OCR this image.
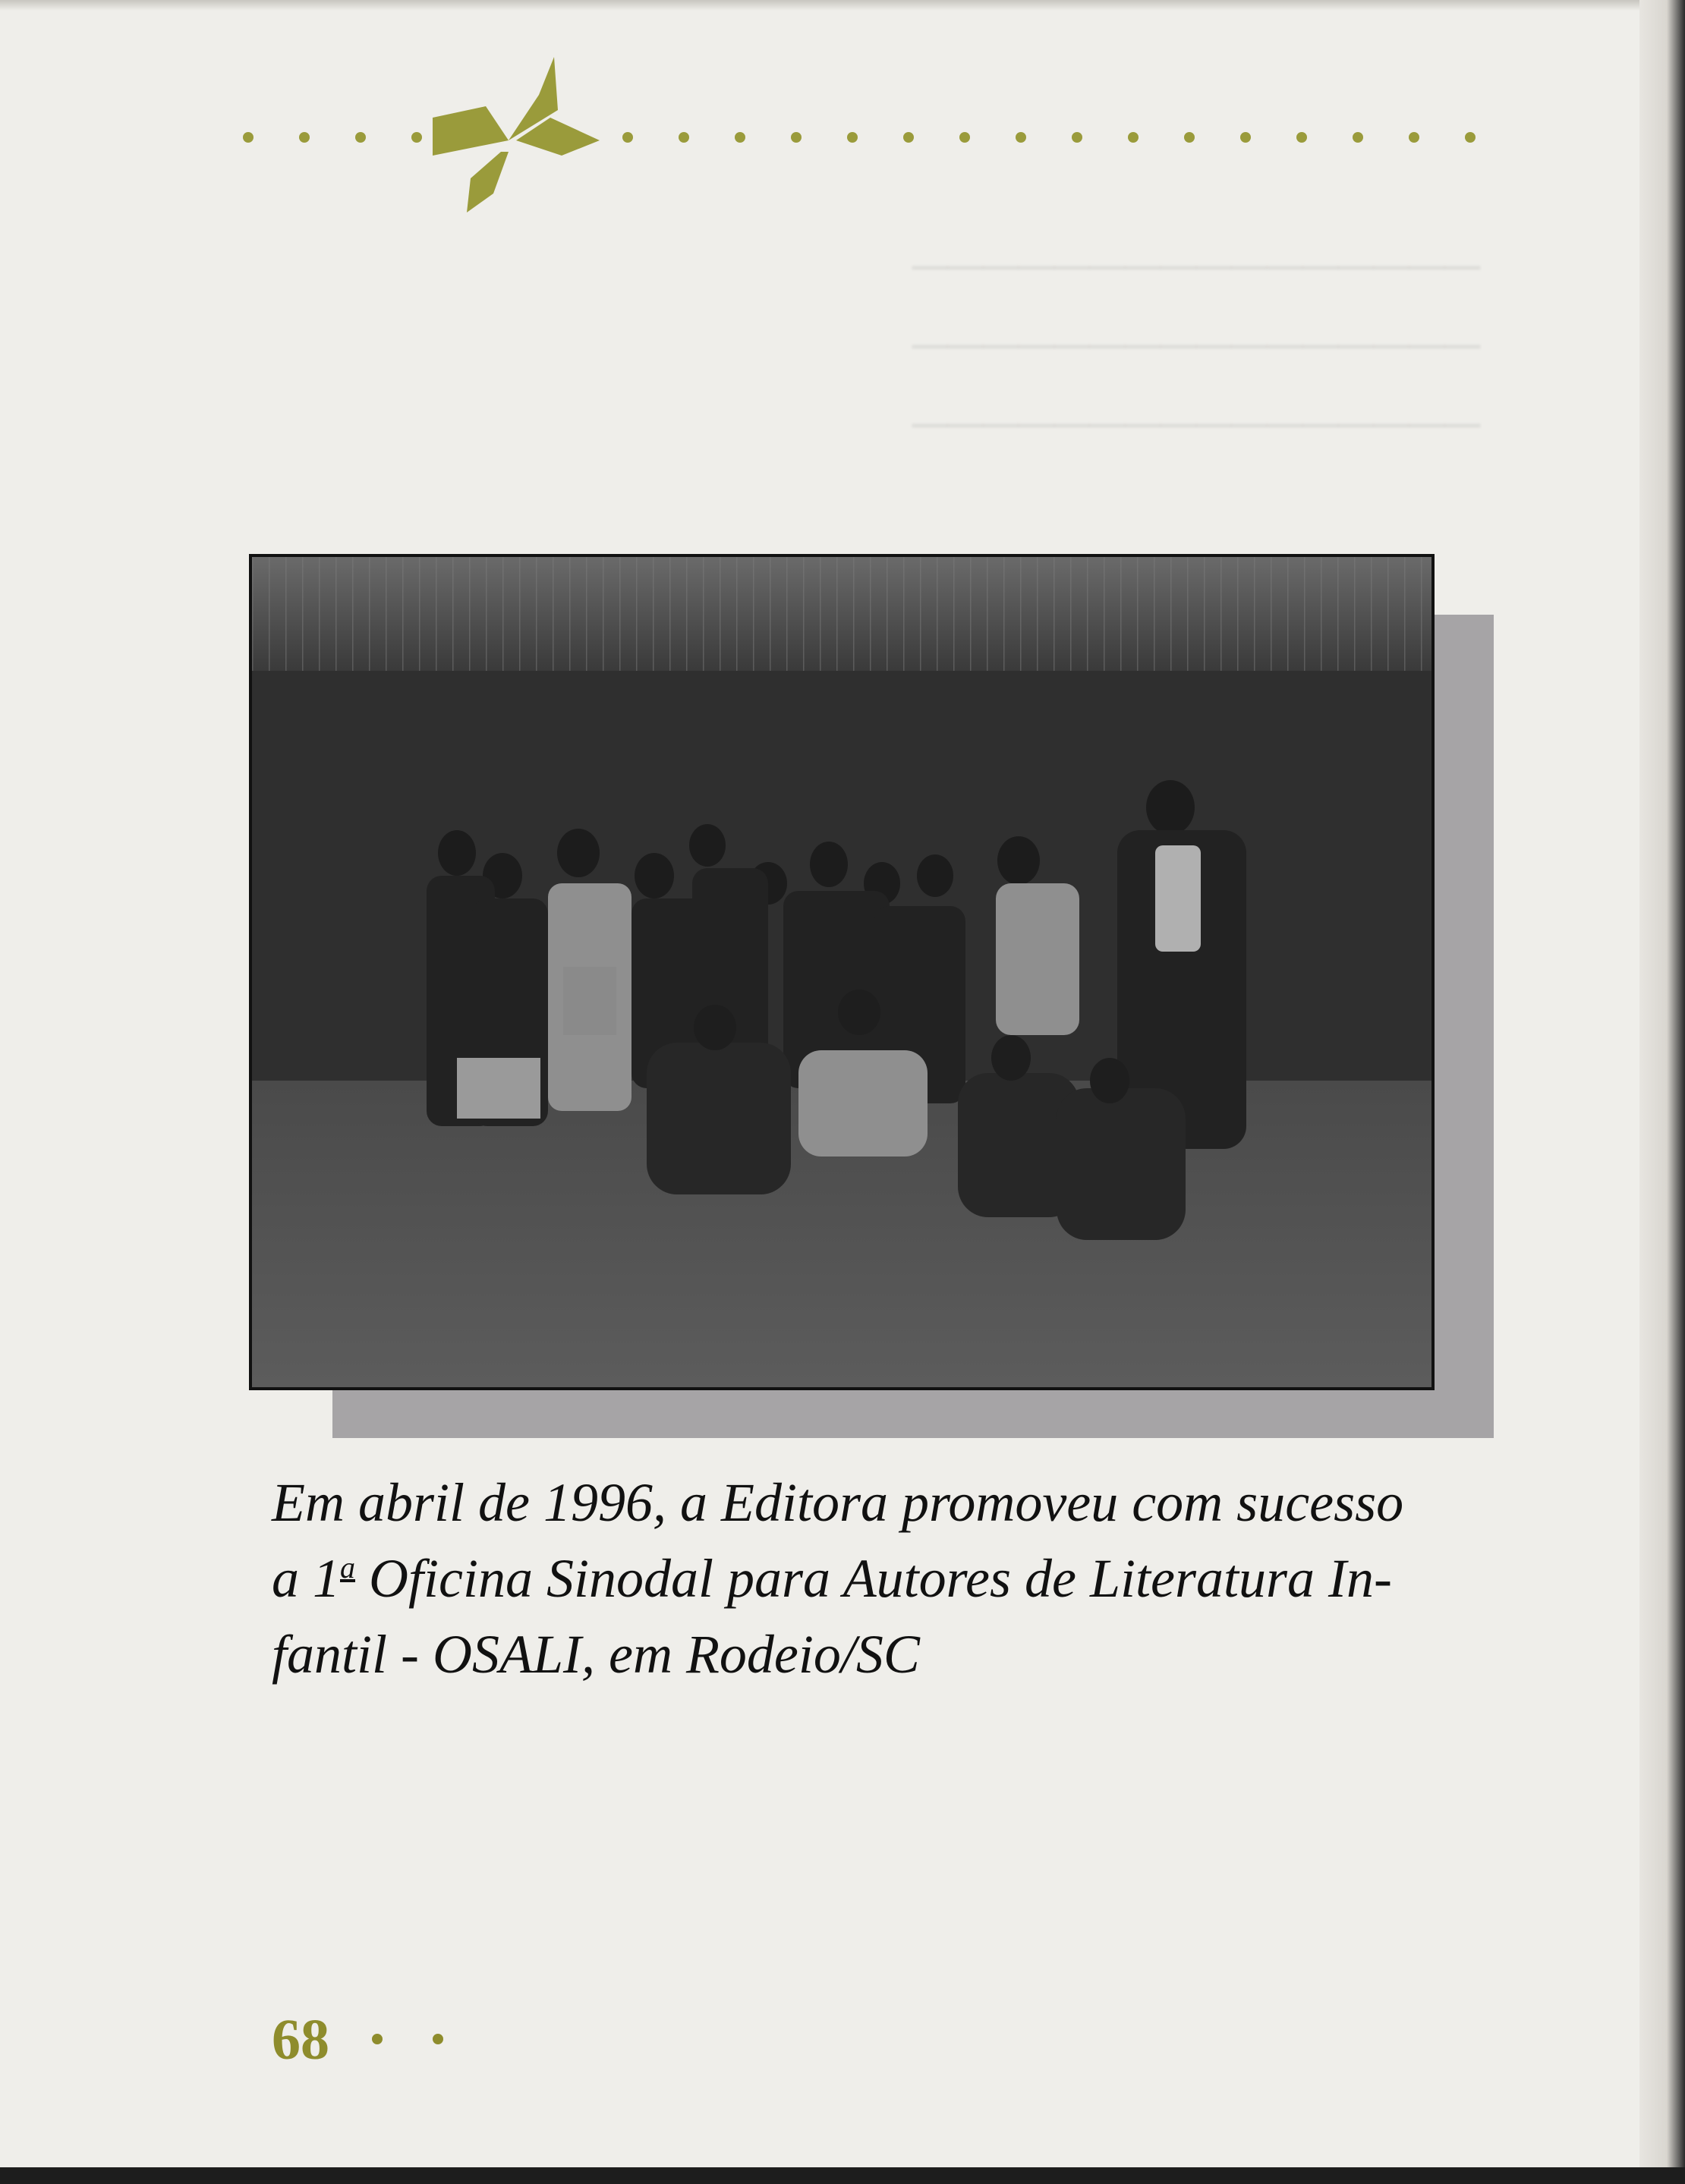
────────────────

────────────────

────────────────

Em abril de 1996, a Editora promoveu com sucesso
a 1$^a$ Oficina Sinodal para Autores de Literatura In-
fantil - OSALI, em Rodeio/SC

68
